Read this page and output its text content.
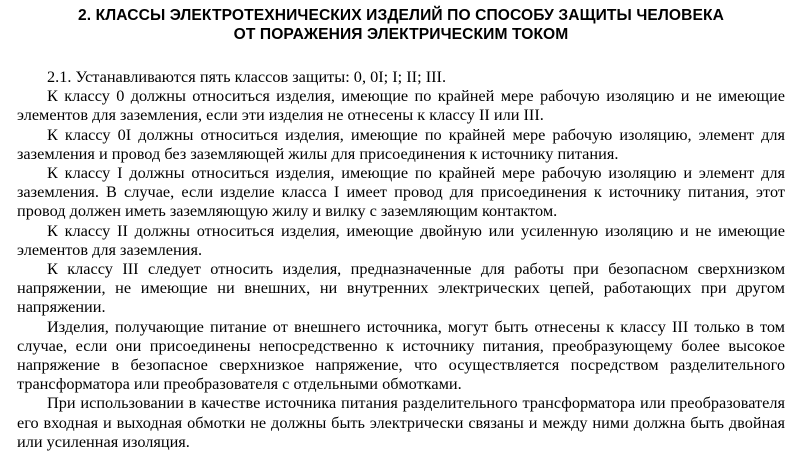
2. КЛАССЫ ЭЛЕКТРОТЕХНИЧЕСКИХ ИЗДЕЛИЙ ПО СПОСОБУ ЗАЩИТЫ ЧЕЛОВЕКА
ОТ ПОРАЖЕНИЯ ЭЛЕКТРИЧЕСКИМ ТОКОМ

2.1. Устанавливаются пять классов защиты: 0, 0I; I; II; III.

К классу 0 должны относиться изделия, имеющие по крайней мере рабочую изоляцию и не имеющие элементов для заземления, если эти изделия не отнесены к классу II или III.

К классу 0I должны относиться изделия, имеющие по крайней мере рабочую изоляцию, элемент для заземления и провод без заземляющей жилы для присоединения к источнику питания.

К классу I должны относиться изделия, имеющие по крайней мере рабочую изоляцию и элемент для заземления. В случае, если изделие класса I имеет провод для присоединения к источнику питания, этот провод должен иметь заземляющую жилу и вилку с заземляющим контактом.

К классу II должны относиться изделия, имеющие двойную или усиленную изоляцию и не имеющие элементов для заземления.

К классу III следует относить изделия, предназначенные для работы при безопасном сверхнизком напряжении, не имеющие ни внешних, ни внутренних электрических цепей, работающих при другом напряжении.

Изделия, получающие питание от внешнего источника, могут быть отнесены к классу III только в том случае, если они присоединены непосредственно к источнику питания, преобразующему более высокое напряжение в безопасное сверхнизкое напряжение, что осуществляется посредством разделительного трансформатора или преобразователя с отдельными обмотками.

При использовании в качестве источника питания разделительного трансформатора или преобразователя его входная и выходная обмотки не должны быть электрически связаны и между ними должна быть двойная или усиленная изоляция.
